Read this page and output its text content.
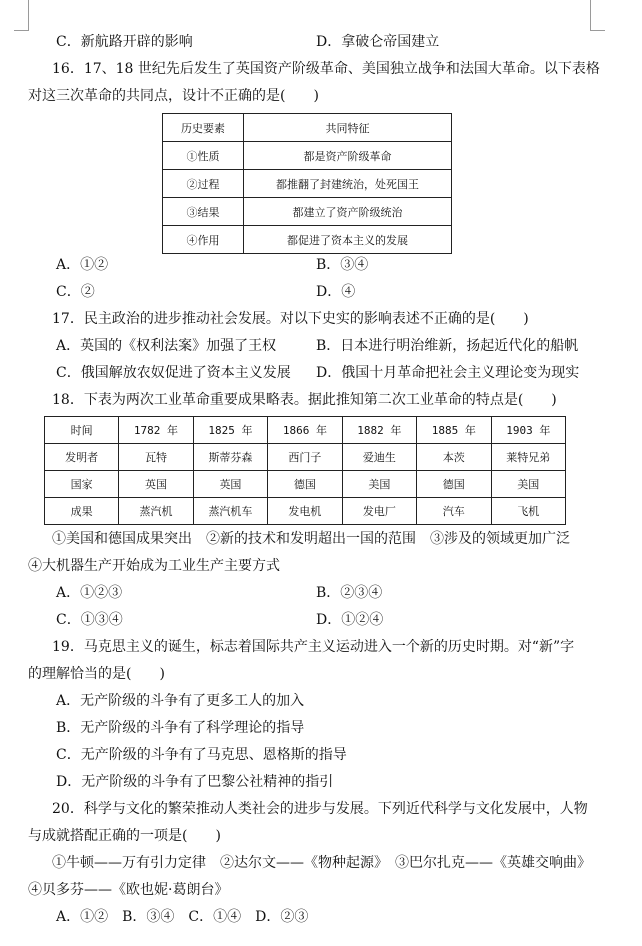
C．新航路开辟的影响	D．拿破仑帝国建立
16．17、18 世纪先后发生了英国资产阶级革命、美国独立战争和法国大革命。以下表格
对这三次革命的共同点，设计不正确的是(　　)
历史要素	共同特征
①性质	都是资产阶级革命
②过程	都推翻了封建统治，处死国王
③结果	都建立了资产阶级统治
④作用	都促进了资本主义的发展
A．①②	B．③④
C．②	D．④
17．民主政治的进步推动社会发展。对以下史实的影响表述不正确的是(　　)
A．英国的《权利法案》加强了王权	B．日本进行明治维新，扬起近代化的船帆
C．俄国解放农奴促进了资本主义发展 D．俄国十月革命把社会主义理论变为现实
18．下表为两次工业革命重要成果略表。据此推知第二次工业革命的特点是(　　)
时间	1782 年	1825 年	1866 年	1882 年	1885 年	1903 年
发明者	瓦特	斯蒂芬森	西门子	爱迪生	本茨	莱特兄弟
国家	英国	英国	德国	美国	德国	美国
成果	蒸汽机	蒸汽机车	发电机	发电厂	汽车	飞机
①美国和德国成果突出　②新的技术和发明超出一国的范围　③涉及的领域更加广泛
④大机器生产开始成为工业生产主要方式
A．①②③	B．②③④
C．①③④	D．①②④
19．马克思主义的诞生，标志着国际共产主义运动进入一个新的历史时期。对“新”字
的理解恰当的是(　　)
A．无产阶级的斗争有了更多工人的加入
B．无产阶级的斗争有了科学理论的指导
C．无产阶级的斗争有了马克思、恩格斯的指导
D．无产阶级的斗争有了巴黎公社精神的指引
20．科学与文化的繁荣推动人类社会的进步与发展。下列近代科学与文化发展中，人物
与成就搭配正确的一项是(　　)
①牛顿——万有引力定律　②达尔文——《物种起源》　③巴尔扎克——《英雄交响曲》
④贝多芬——《欧也妮·葛朗台》
A．①②　B．③④　C．①④　D．②③
